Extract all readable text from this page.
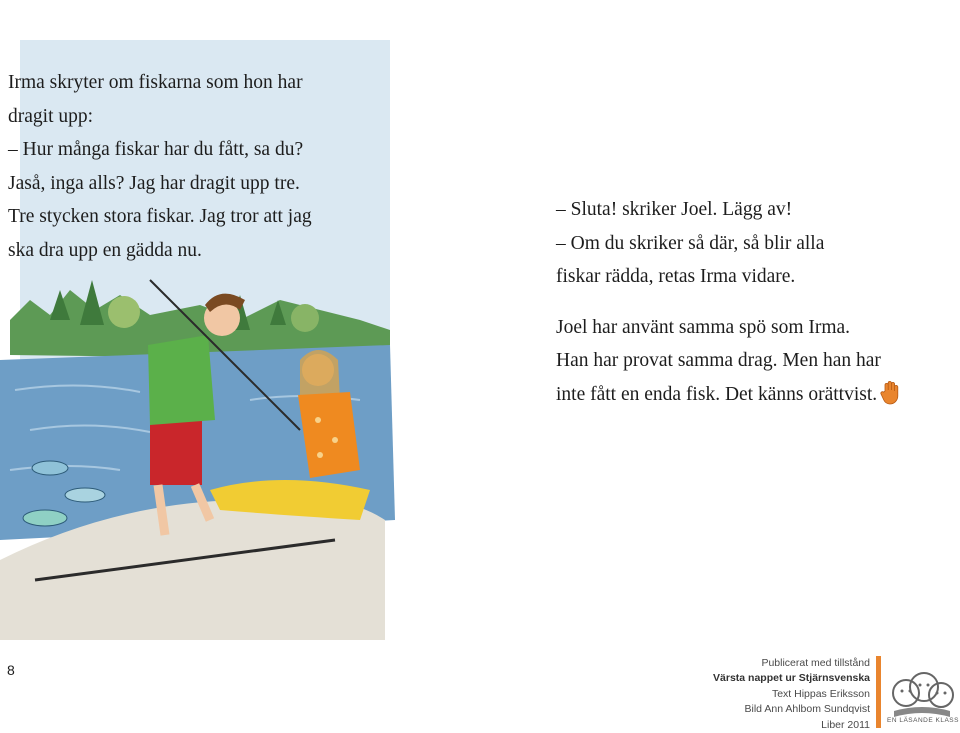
Irma skryter om fiskarna som hon har
dragit upp:
– Hur många fiskar har du fått, sa du?
Jaså, inga alls? Jag har dragit upp tre.
Tre stycken stora fiskar. Jag tror att jag
ska dra upp en gädda nu.
– Sluta! skriker Joel. Lägg av!
– Om du skriker så där, så blir alla
fiskar rädda, retas Irma vidare.
Joel har använt samma spö som Irma.
Han har provat samma drag. Men han har
inte fått en enda fisk. Det känns orättvist.
8	Publicerat med tillstånd
Värsta nappet ur Stjärnsvenska
Text Hippas Eriksson
Bild Ann Ahlbom Sundqvist
Liber 2011	EN LÄSANDE KLASS
